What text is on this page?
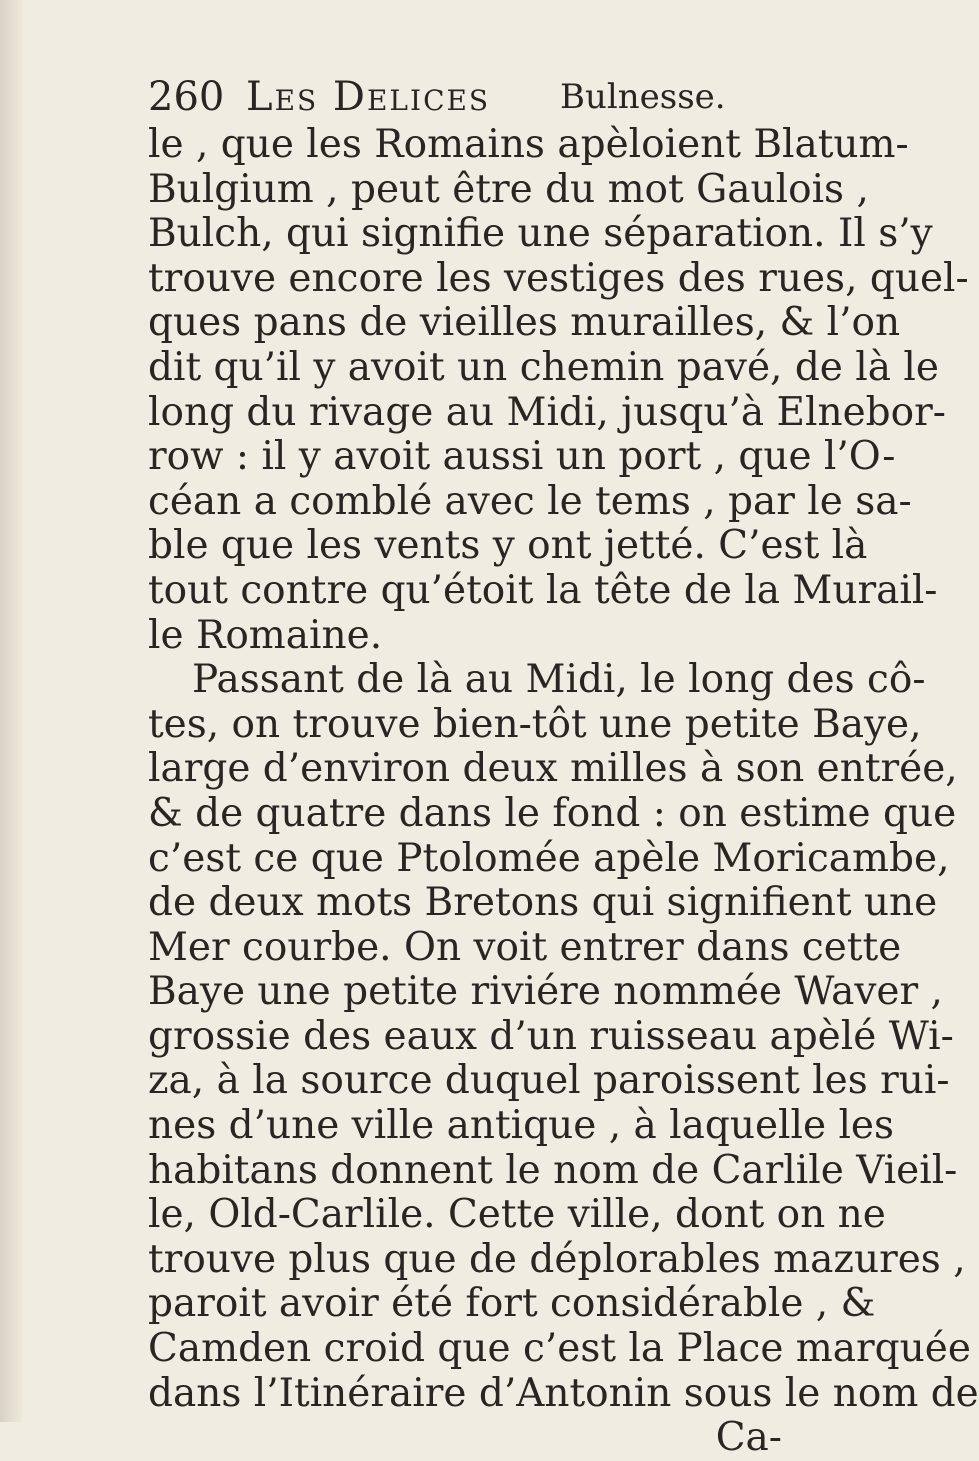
260 Les Delices Bulnesse.
le , que les Romains apèloient Blatum-
Bulgium , peut être du mot Gaulois ,
Bulch, qui signifie une séparation. Il s’y
trouve encore les vestiges des rues, quel-
ques pans de vieilles murailles, & l’on
dit qu’il y avoit un chemin pavé, de là le
long du rivage au Midi, jusqu’à Elnebor-
row : il y avoit aussi un port , que l’O-
céan a comblé avec le tems , par le sa-
ble que les vents y ont jetté. C’est là
tout contre qu’étoit la tête de la Murail-
le Romaine.
Passant de là au Midi, le long des cô-
tes, on trouve bien-tôt une petite Baye,
large d’environ deux milles à son entrée,
& de quatre dans le fond : on estime que
c’est ce que Ptolomée apèle Moricambe,
de deux mots Bretons qui signifient une
Mer courbe. On voit entrer dans cette
Baye une petite riviére nommée Waver ,
grossie des eaux d’un ruisseau apèlé Wi-
za, à la source duquel paroissent les rui-
nes d’une ville antique , à laquelle les
habitans donnent le nom de Carlile Vieil-
le, Old-Carlile. Cette ville, dont on ne
trouve plus que de déplorables mazures ,
paroit avoir été fort considérable , &
Camden croid que c’est la Place marquée
dans l’Itinéraire d’Antonin sous le nom de
Ca-
